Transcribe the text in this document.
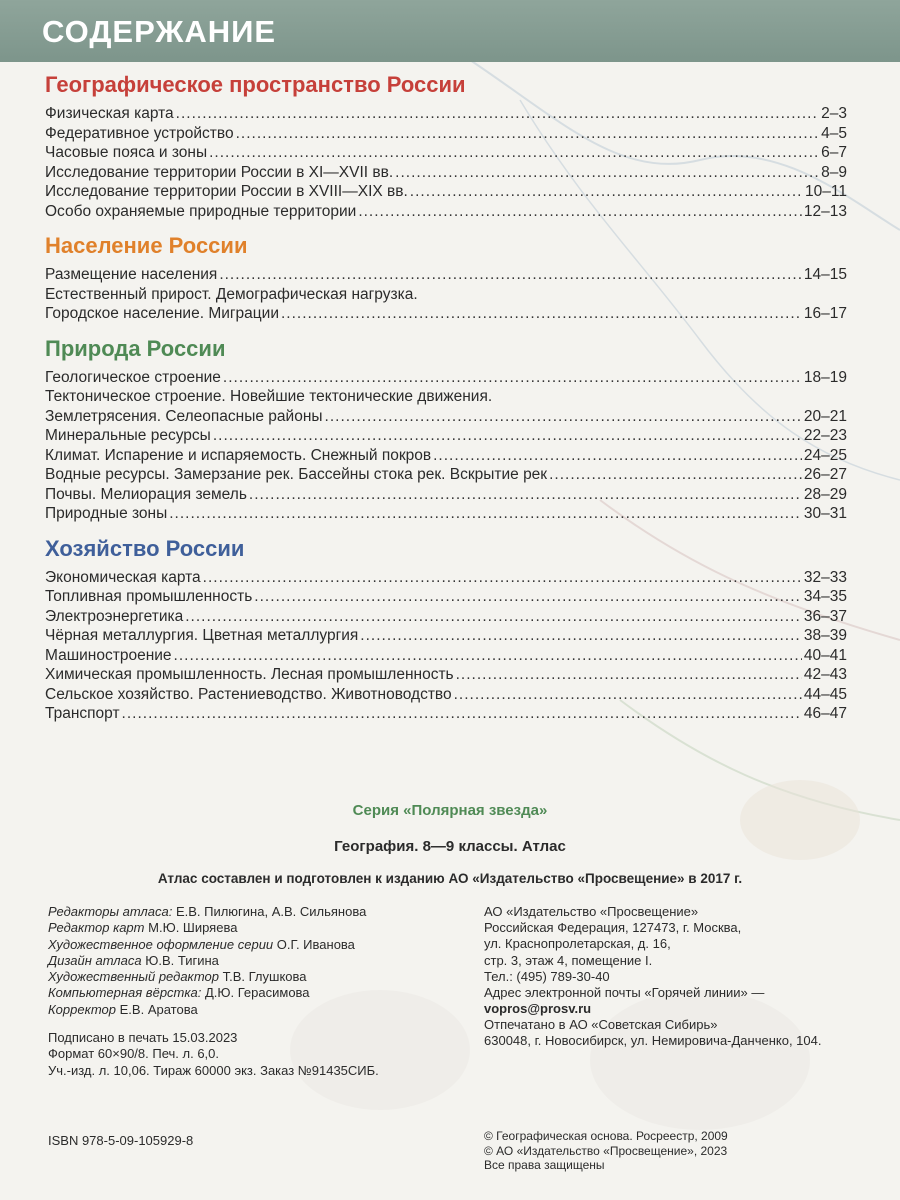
СОДЕРЖАНИЕ
Географическое пространство России
Физическая карта .....	2–3
Федеративное устройство .....	4–5
Часовые пояса и зоны .....	6–7
Исследование территории России в XI—XVII вв. .....	8–9
Исследование территории России в XVIII—XIX вв. .....	10–11
Особо охраняемые природные территории .....	12–13
Население России
Размещение населения .....	14–15
Естественный прирост. Демографическая нагрузка.
Городское население. Миграции .....	16–17
Природа России
Геологическое строение .....	18–19
Тектоническое строение. Новейшие тектонические движения.
Землетрясения. Селеопасные районы .....	20–21
Минеральные ресурсы .....	22–23
Климат. Испарение и испаряемость. Снежный покров .....	24–25
Водные ресурсы. Замерзание рек. Бассейны стока рек. Вскрытие рек .....	26–27
Почвы. Мелиорация земель .....	28–29
Природные зоны .....	30–31
Хозяйство России
Экономическая карта .....	32–33
Топливная промышленность .....	34–35
Электроэнергетика .....	36–37
Чёрная металлургия. Цветная металлургия .....	38–39
Машиностроение .....	40–41
Химическая промышленность. Лесная промышленность .....	42–43
Сельское хозяйство. Растениеводство. Животноводство .....	44–45
Транспорт .....	46–47
Серия «Полярная звезда»
География. 8—9 классы. Атлас
Атлас составлен и подготовлен к изданию АО «Издательство «Просвещение» в 2017 г.
Редакторы атласа: Е.В. Пилюгина, А.В. Сильянова
Редактор карт М.Ю. Ширяева
Художественное оформление серии О.Г. Иванова
Дизайн атласа Ю.В. Тигина
Художественный редактор Т.В. Глушкова
Компьютерная вёрстка: Д.Ю. Герасимова
Корректор Е.В. Аратова
Подписано в печать 15.03.2023
Формат 60×90/8. Печ. л. 6,0.
Уч.-изд. л. 10,06. Тираж 60000 экз. Заказ №91435СИБ.
АО «Издательство «Просвещение»
Российская Федерация, 127473, г. Москва,
ул. Краснопролетарская, д. 16,
стр. 3, этаж 4, помещение I.
Тел.: (495) 789-30-40
Адрес электронной почты «Горячей линии» —
vopros@prosv.ru
Отпечатано в АО «Советская Сибирь»
630048, г. Новосибирск, ул. Немировича-Данченко, 104.
ISBN 978-5-09-105929-8	© Географическая основа. Росреестр, 2009
© АО «Издательство «Просвещение», 2023
Все права защищены
